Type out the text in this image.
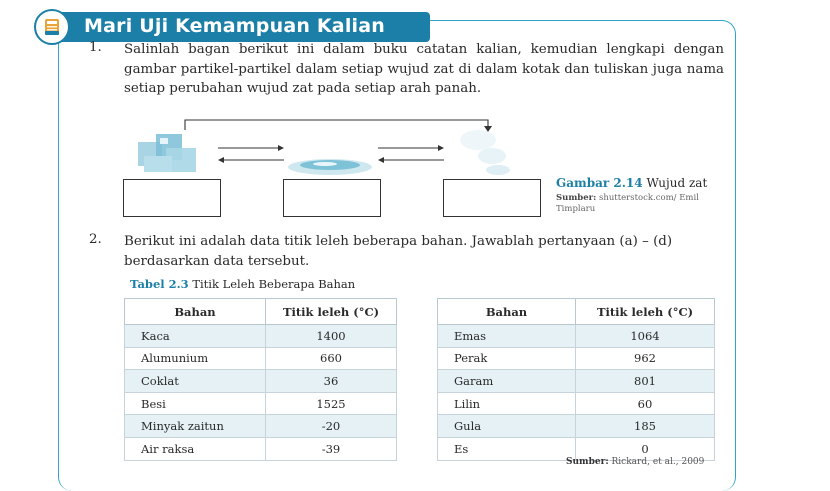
Mari Uji Kemampuan Kalian
1. Salinlah bagan berikut ini dalam buku catatan kalian, kemudian lengkapi dengan gambar partikel-partikel dalam setiap wujud zat di dalam kotak dan tuliskan juga nama setiap perubahan wujud zat pada setiap arah panah.
Gambar 2.14 Wujud zat
Sumber: shutterstock.com/ Emil Timplaru
2. Berikut ini adalah data titik leleh beberapa bahan. Jawablah pertanyaan (a) – (d) berdasarkan data tersebut.
Tabel 2.3 Titik Leleh Beberapa Bahan
Bahan	Titik leleh (°C)
Kaca	1400
Alumunium	660
Coklat	36
Besi	1525
Minyak zaitun	-20
Air raksa	-39
Bahan	Titik leleh (°C)
Emas	1064
Perak	962
Garam	801
Lilin	60
Gula	185
Es	0
Sumber: Rickard, et al., 2009
